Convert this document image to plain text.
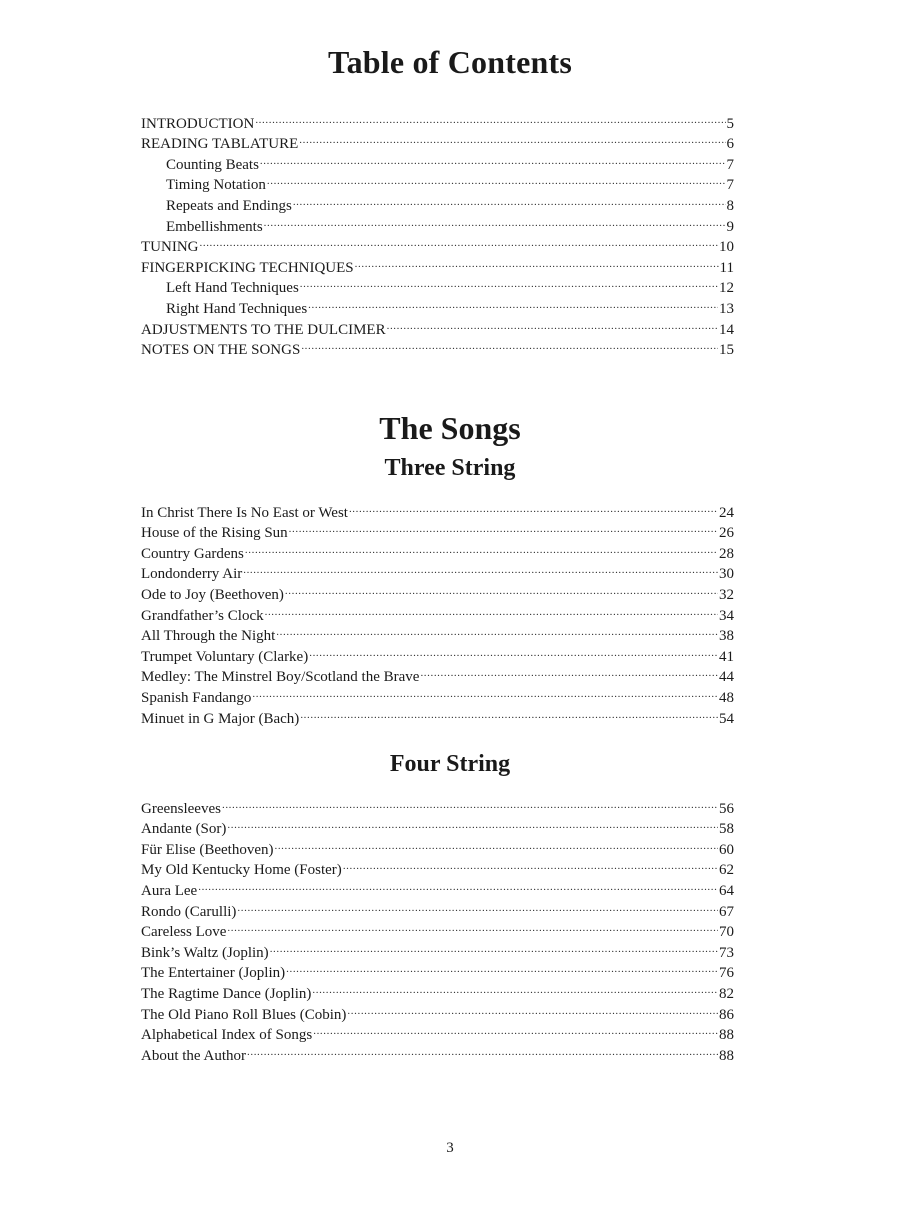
Table of Contents
INTRODUCTION .....	5
READING TABLATURE .....	6
Counting Beats .....	7
Timing Notation .....	7
Repeats and Endings .....	8
Embellishments .....	9
TUNING .....	10
FINGERPICKING TECHNIQUES .....	11
Left Hand Techniques .....	12
Right Hand Techniques .....	13
ADJUSTMENTS TO THE DULCIMER .....	14
NOTES ON THE SONGS .....	15
The Songs
Three String
In Christ There Is No East or West .....	24
House of the Rising Sun .....	26
Country Gardens .....	28
Londonderry Air .....	30
Ode to Joy (Beethoven) .....	32
Grandfather’s Clock .....	34
All Through the Night .....	38
Trumpet Voluntary (Clarke) .....	41
Medley: The Minstrel Boy/Scotland the Brave .....	44
Spanish Fandango .....	48
Minuet in G Major (Bach) .....	54
Four String
Greensleeves .....	56
Andante (Sor) .....	58
Für Elise (Beethoven) .....	60
My Old Kentucky Home (Foster) .....	62
Aura Lee .....	64
Rondo (Carulli) .....	67
Careless Love .....	70
Bink’s Waltz (Joplin) .....	73
The Entertainer (Joplin) .....	76
The Ragtime Dance (Joplin) .....	82
The Old Piano Roll Blues (Cobin) .....	86
Alphabetical Index of Songs .....	88
About the Author .....	88
3
